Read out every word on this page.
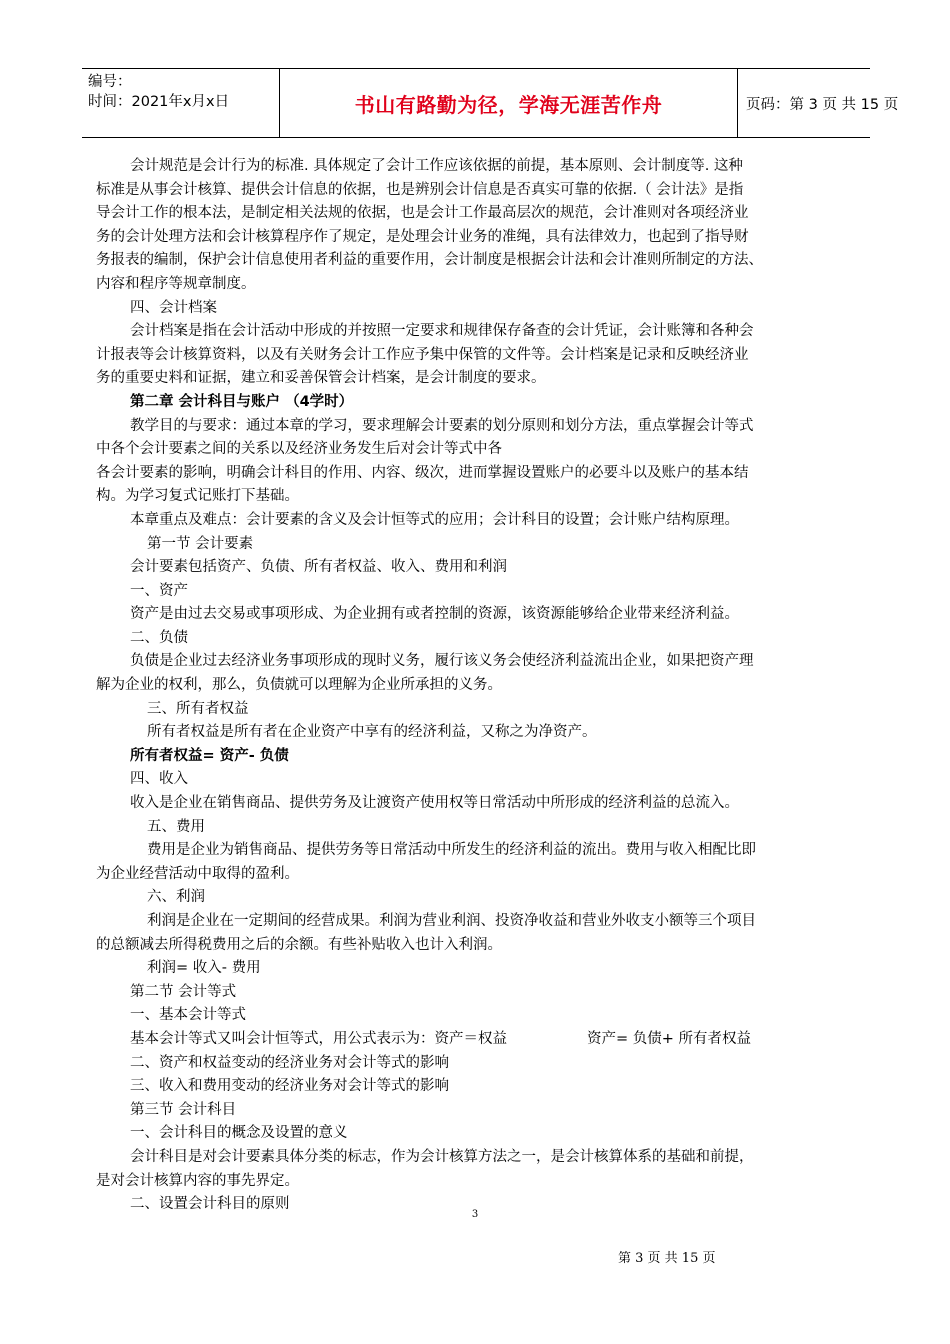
编号：
时间：2021年x月x日	书山有路勤为径，学海无涯苦作舟	页码：第 3 页 共 15 页
会计规范是会计行为的标准. 具体规定了会计工作应该依据的前提，基本原则、会计制度等. 这种
标准是从事会计核算、提供会计信息的依据，也是辨别会计信息是否真实可靠的依据.（ 会计法》是指
导会计工作的根本法，是制定相关法规的依据，也是会计工作最高层次的规范，会计准则对各项经济业
务的会计处理方法和会计核算程序作了规定，是处理会计业务的准绳，具有法律效力，也起到了指导财
务报表的编制，保护会计信息使用者利益的重要作用，会计制度是根据会计法和会计准则所制定的方法、
内容和程序等规章制度。
四、会计档案
会计档案是指在会计活动中形成的并按照一定要求和规律保存备查的会计凭证，会计账簿和各种会
计报表等会计核算资料，以及有关财务会计工作应予集中保管的文件等。会计档案是记录和反映经济业
务的重要史料和证据，建立和妥善保管会计档案，是会计制度的要求。
第二章 会计科目与账户 （4学时）
教学目的与要求：通过本章的学习，要求理解会计要素的划分原则和划分方法，重点掌握会计等式
中各个会计要素之间的关系以及经济业务发生后对会计等式中各
各会计要素的影响，明确会计科目的作用、内容、级次，进而掌握设置账户的必要斗以及账户的基本结
构。为学习复式记账打下基础。
本章重点及难点：会计要素的含义及会计恒等式的应用；会计科目的设置；会计账户结构原理。
第一节 会计要素
会计要素包括资产、负债、所有者权益、收入、费用和利润
一、资产
资产是由过去交易或事项形成、为企业拥有或者控制的资源，该资源能够给企业带来经济利益。
二、负债
负债是企业过去经济业务事项形成的现时义务，履行该义务会使经济利益流出企业，如果把资产理
解为企业的权利，那么，负债就可以理解为企业所承担的义务。
三、所有者权益
所有者权益是所有者在企业资产中享有的经济利益，又称之为净资产。
所有者权益= 资产- 负债
四、收入
收入是企业在销售商品、提供劳务及让渡资产使用权等日常活动中所形成的经济利益的总流入。
五、费用
费用是企业为销售商品、提供劳务等日常活动中所发生的经济利益的流出。费用与收入相配比即
为企业经营活动中取得的盈利。
六、利润
利润是企业在一定期间的经营成果。利润为营业利润、投资净收益和营业外收支小额等三个项目
的总额减去所得税费用之后的余额。有些补贴收入也计入利润。
利润= 收入- 费用
第二节 会计等式
一、基本会计等式
基本会计等式又叫会计恒等式，用公式表示为：资产＝权益	资产= 负债+ 所有者权益
二、资产和权益变动的经济业务对会计等式的影响
三、收入和费用变动的经济业务对会计等式的影响
第三节 会计科目
一、会计科目的概念及设置的意义
会计科目是对会计要素具体分类的标志，作为会计核算方法之一，是会计核算体系的基础和前提，
是对会计核算内容的事先界定。
二、设置会计科目的原则
3
第 3 页 共 15 页
